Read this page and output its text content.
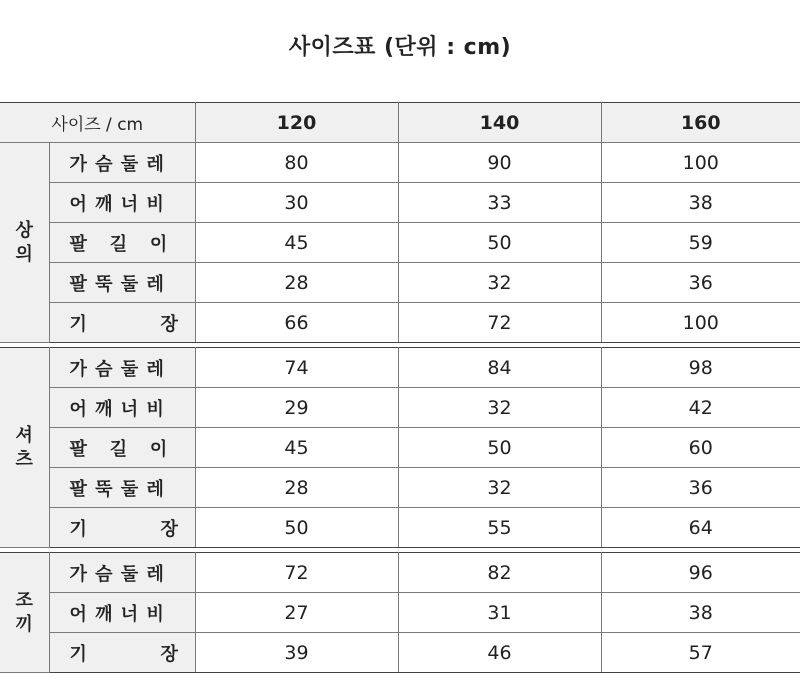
사이즈표 (단위 : cm)
사이즈 / cm		120	140	160
상
의	가 슴 둘 레	80	90	100
	어 깨 너 비	30	33	38
	팔   길   이	45	50	59
	팔 뚝 둘 레	28	32	36
	기          장	66	72	100

셔
츠	가 슴 둘 레	74	84	98
	어 깨 너 비	29	32	42
	팔   길   이	45	50	60
	팔 뚝 둘 레	28	32	36
	기          장	50	55	64

조
끼	가 슴 둘 레	72	82	96
	어 깨 너 비	27	31	38
	기          장	39	46	57
